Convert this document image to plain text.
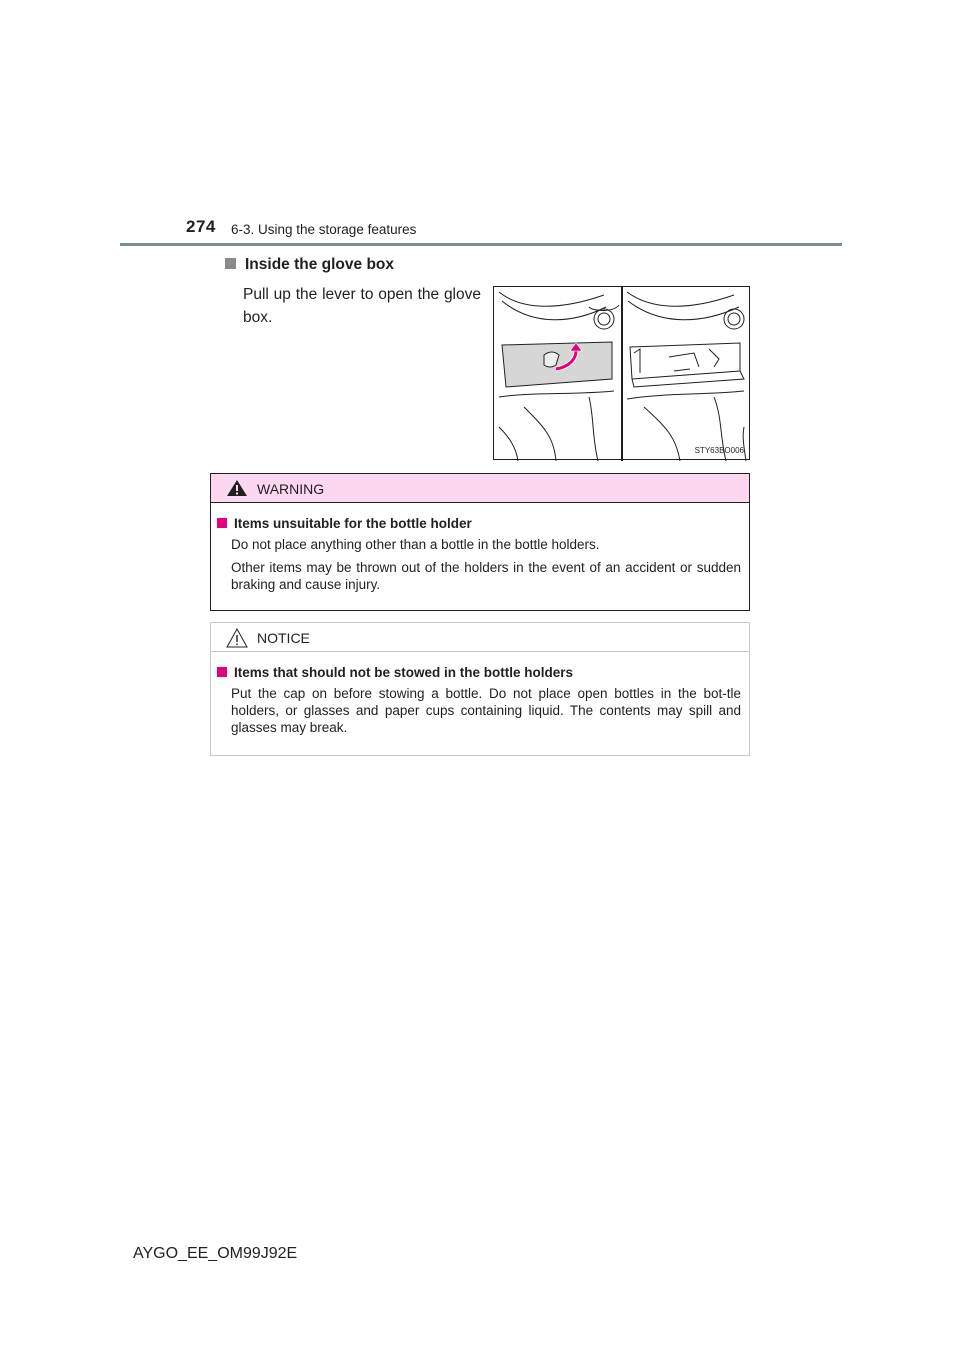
274 6-3. Using the storage features
Inside the glove box
Pull up the lever to open the glove box.
STY63BO006
WARNING
Items unsuitable for the bottle holder
Do not place anything other than a bottle in the bottle holders.
Other items may be thrown out of the holders in the event of an accident or sudden braking and cause injury.
NOTICE
Items that should not be stowed in the bottle holders
Put the cap on before stowing a bottle. Do not place open bottles in the bot-tle holders, or glasses and paper cups containing liquid. The contents may spill and glasses may break.
AYGO_EE_OM99J92E
